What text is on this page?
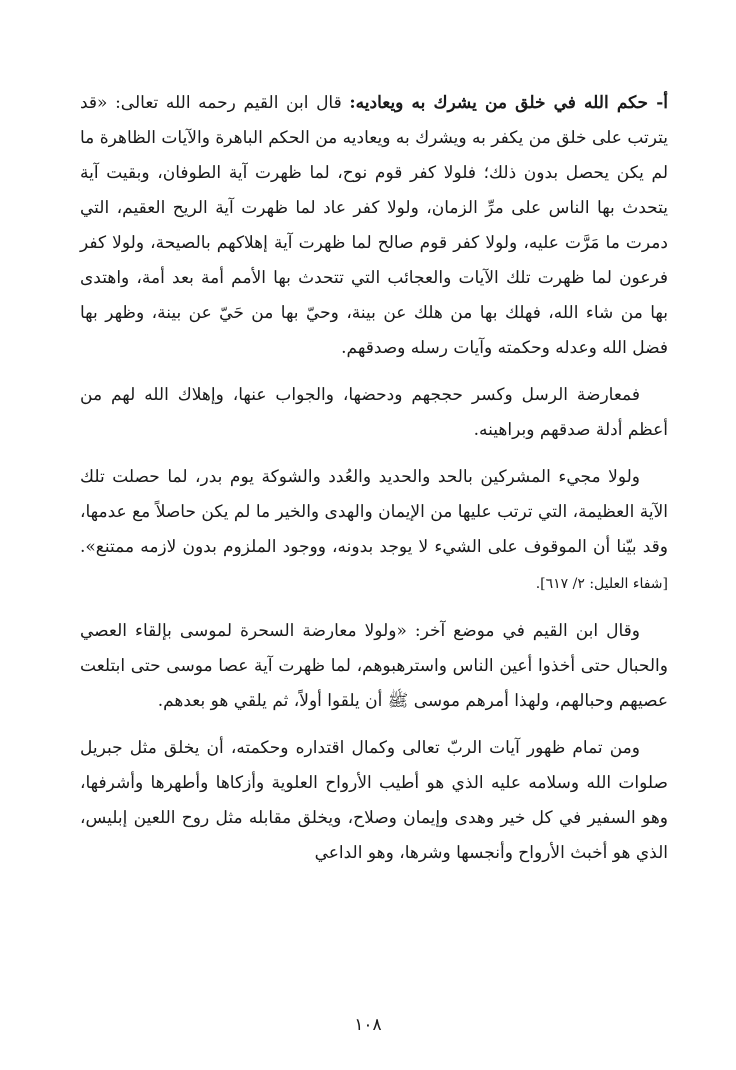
أ- حكم الله في خلق من يشرك به ويعاديه: قال ابن القيم رحمه الله تعالى: «قد يترتب على خلق من يكفر به ويشرك به ويعاديه من الحكم الباهرة والآيات الظاهرة ما لم يكن يحصل بدون ذلك؛ فلولا كفر قوم نوح، لما ظهرت آية الطوفان، وبقيت آية يتحدث بها الناس على مرِّ الزمان، ولولا كفر عاد لما ظهرت آية الريح العقيم، التي دمرت ما مَرَّت عليه، ولولا كفر قوم صالح لما ظهرت آية إهلاكهم بالصيحة، ولولا كفر فرعون لما ظهرت تلك الآيات والعجائب التي تتحدث بها الأمم أمة بعد أمة، واهتدى بها من شاء الله، فهلك بها من هلك عن بينة، وحيّ بها من حَيّ عن بينة، وظهر بها فضل الله وعدله وحكمته وآيات رسله وصدقهم.

فمعارضة الرسل وكسر حججهم ودحضها، والجواب عنها، وإهلاك الله لهم من أعظم أدلة صدقهم وبراهينه.

ولولا مجيء المشركين بالحد والحديد والعُدد والشوكة يوم بدر، لما حصلت تلك الآية العظيمة، التي ترتب عليها من الإيمان والهدى والخير ما لم يكن حاصلاً مع عدمها، وقد بيّنا أن الموقوف على الشيء لا يوجد بدونه، ووجود الملزوم بدون لازمه ممتنع». [شفاء العليل: ٢/ ٦١٧].

وقال ابن القيم في موضع آخر: «ولولا معارضة السحرة لموسى بإلقاء العصي والحبال حتى أخذوا أعين الناس واسترهبوهم، لما ظهرت آية عصا موسى حتى ابتلعت عصيهم وحبالهم، ولهذا أمرهم موسى ﷺ أن يلقوا أولاً، ثم يلقي هو بعدهم.

ومن تمام ظهور آيات الربّ تعالى وكمال اقتداره وحكمته، أن يخلق مثل جبريل صلوات الله وسلامه عليه الذي هو أطيب الأرواح العلوية وأزكاها وأطهرها وأشرفها، وهو السفير في كل خير وهدى وإيمان وصلاح، ويخلق مقابله مثل روح اللعين إبليس، الذي هو أخبث الأرواح وأنجسها وشرها، وهو الداعي

١٠٨
